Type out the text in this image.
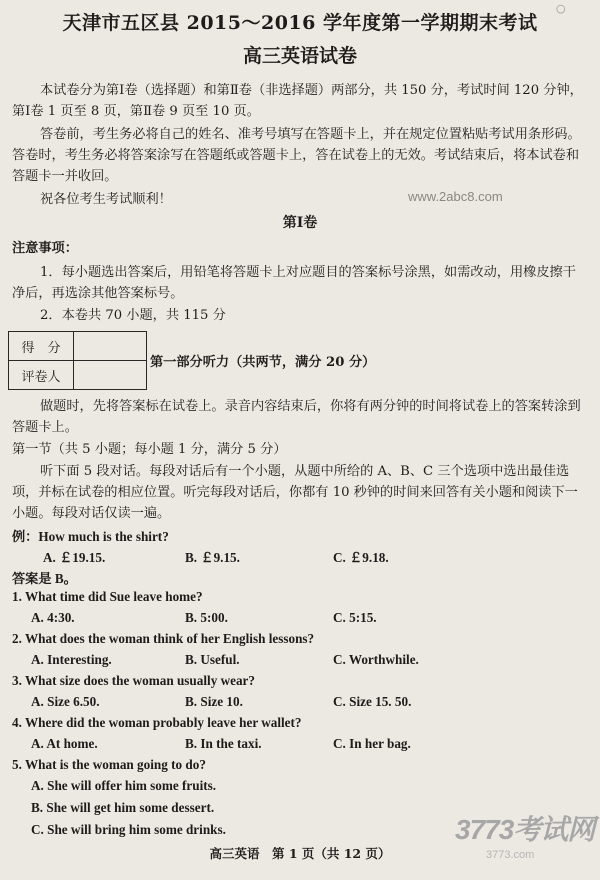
○
天津市五区县 2015～2016 学年度第一学期期末考试
高三英语试卷
本试卷分为第Ⅰ卷（选择题）和第Ⅱ卷（非选择题）两部分，共 150 分，考试时间 120 分钟，第Ⅰ卷 1 页至 8 页，第Ⅱ卷 9 页至 10 页。
答卷前，考生务必将自己的姓名、准考号填写在答题卡上，并在规定位置粘贴考试用条形码。答卷时，考生务必将答案涂写在答题纸或答题卡上，答在试卷上的无效。考试结束后，将本试卷和答题卡一并收回。
祝各位考生考试顺利！	www.2abc8.com
第Ⅰ卷
注意事项：
1．每小题选出答案后，用铅笔将答题卡上对应题目的答案标号涂黑，如需改动，用橡皮擦干净后，再选涂其他答案标号。
2．本卷共 70 小题，共 115 分
得　分	
评卷人	
第一部分听力（共两节，满分 20 分）
做题时，先将答案标在试卷上。录音内容结束后，你将有两分钟的时间将试卷上的答案转涂到答题卡上。
第一节（共 5 小题；每小题 1 分，满分 5 分）
听下面 5 段对话。每段对话后有一个小题，从题中所给的 A、B、C 三个选项中选出最佳选项，并标在试卷的相应位置。听完每段对话后，你都有 10 秒钟的时间来回答有关小题和阅读下一小题。每段对话仅读一遍。
例：How much is the shirt?
A. ￡19.15.	B. ￡9.15.	C. ￡9.18.
答案是 B。
1. What time did Sue leave home?
A. 4:30.	B. 5:00.	C. 5:15.
2. What does the woman think of her English lessons?
A. Interesting.	B. Useful.	C. Worthwhile.
3. What size does the woman usually wear?
A. Size 6.50.	B. Size 10.	C. Size 15. 50.
4. Where did the woman probably leave her wallet?
A. At home.	B. In the taxi.	C. In her bag.
5. What is the woman going to do?
A. She will offer him some fruits.
B. She will get him some dessert.
C. She will bring him some drinks.
高三英语　第 1 页（共 12 页）
3773考试网
3773.com
